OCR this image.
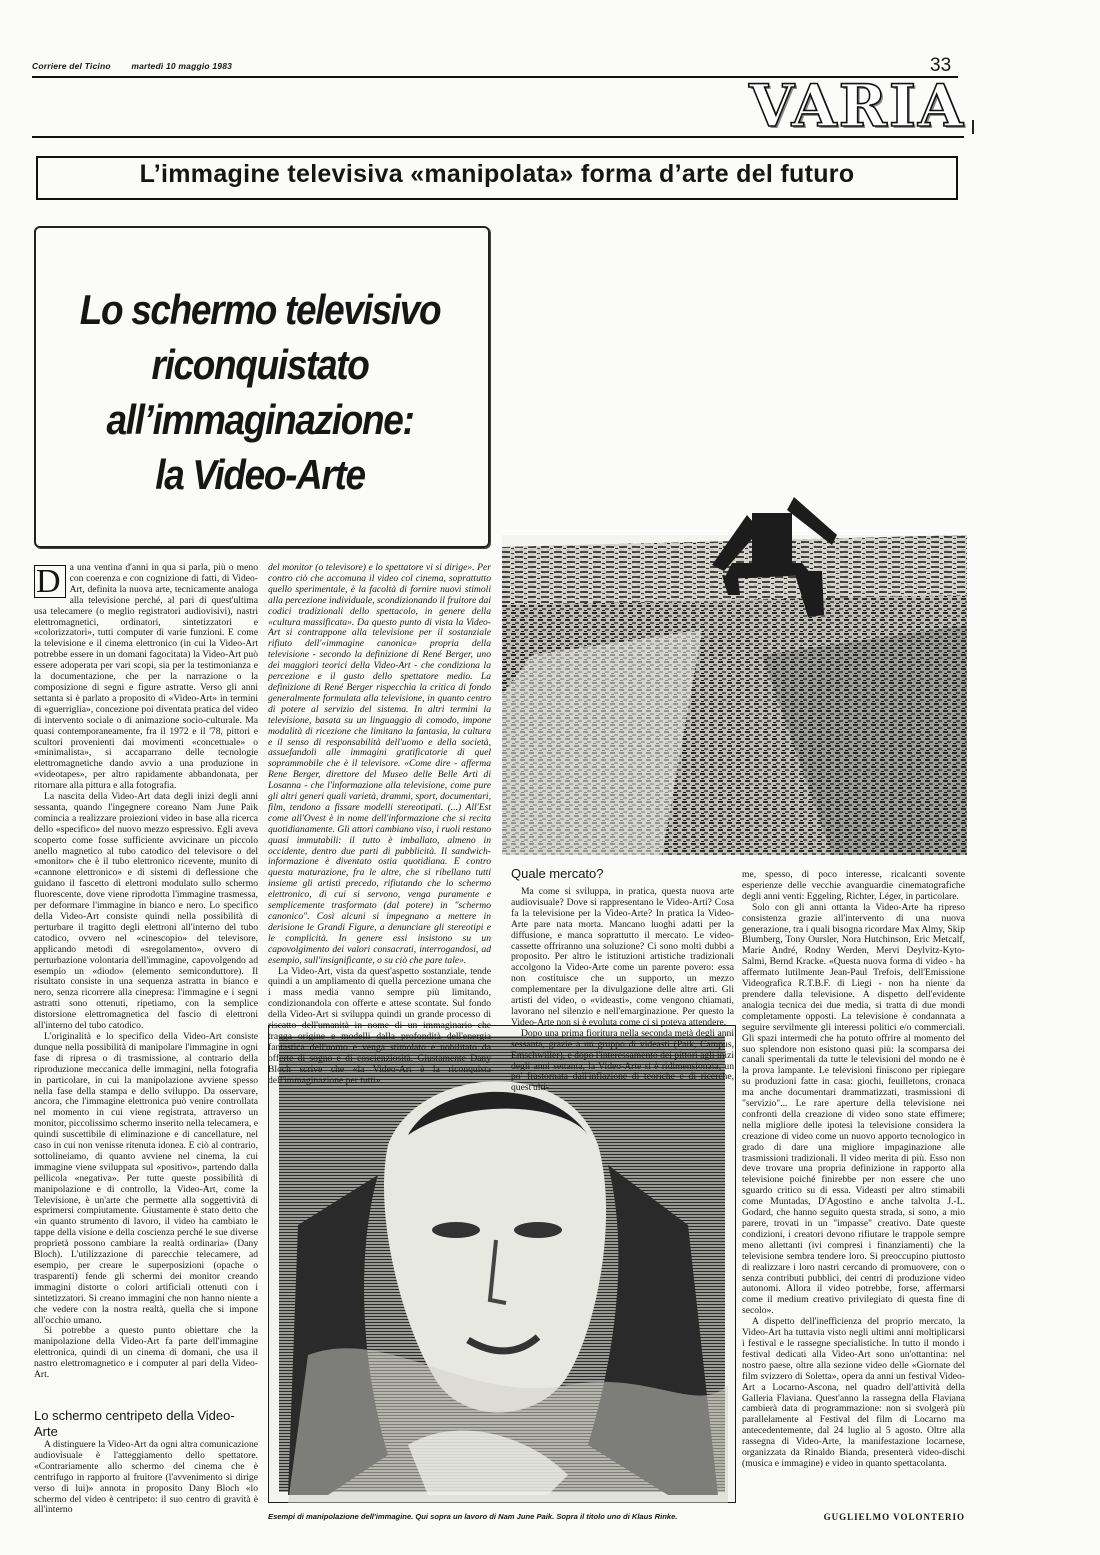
Corriere del Ticino martedì 10 maggio 1983	33
VARIA
L’immagine televisiva «manipolata» forma d’arte del futuro
Lo schermo televisivo
riconquistato
all’immaginazione:
la Video-Arte

D a una ventina d'anni in qua si parla, più o meno con coerenza e con cognizione di fatti, di Video-Art, definita la nuova arte, tecnicamente analoga alla televisione perché, al pari di quest'ultima usa telecamere (o meglio registratori audiovisivi), nastri elettromagnetici, ordinatori, sintetizzatori e «colorizzatori», tutti computer di varie funzioni. E come la televisione e il cinema elettronico (in cui la Video-Art potrebbe essere in un domani fagocitata) la Video-Art può essere adoperata per vari scopi, sia per la testimonianza e la documentazione, che per la narrazione o la composizione di segni e figure astratte. Verso gli anni settanta si è parlato a proposito di «Video-Art» in termini di «guerriglia», concezione poi diventata pratica del video di intervento sociale o di animazione socio-culturale. Ma quasi contemporaneamente, fra il 1972 e il '78, pittori e scultori provenienti dai movimenti «concettuale» o «minimalista», si accaparrano delle tecnologie elettromagnetiche dando avvio a una produzione in «videotapes», per altro rapidamente abbandonata, per ritornare alla pittura e alla fotografia.

La nascita della Video-Art data degli inizi degli anni sessanta, quando l'ingegnere coreano Nam June Paik comincia a realizzare proiezioni video in base alla ricerca dello «specifico» del nuovo mezzo espressivo. Egli aveva scoperto come fosse sufficiente avvicinare un piccolo anello magnetico al tubo catodico del televisore o del «monitor» che è il tubo elettronico ricevente, munito di «cannone elettronico» e di sistemi di deflessione che guidano il fascetto di elettroni modulato sullo schermo fluorescente, dove viene riprodotta l'immagine trasmessa, per deformare l'immagine in bianco e nero. Lo specifico della Video-Art consiste quindi nella possibilità di perturbare il tragitto degli elettroni all'interno del tubo catodico, ovvero nel «cinescopio» del televisore, applicando metodi di «sregolamento», ovvero di perturbazione volontaria dell'immagine, capovolgendo ad esempio un «diodo» (elemento semiconduttore). Il risultato consiste in una sequenza astratta in bianco e nero, senza ricorrere alla cinepresa: l'immagine e i segni astratti sono ottenuti, ripetiamo, con la semplice distorsione elettromagnetica del fascio di elettroni all'interno del tubo catodico.

L'originalità e lo specifico della Video-Art consiste dunque nella possibilità di manipolare l'immagine in ogni fase di ripresa o di trasmissione, al contrario della riproduzione meccanica delle immagini, nella fotografia in particolare, in cui la manipolazione avviene spesso nella fase della stampa e dello sviluppo. Da osservare, ancora, che l'immagine elettronica può venire controllata nel momento in cui viene registrata, attraverso un monitor, piccolissimo schermo inserito nella telecamera, e quindi suscettibile di eliminazione e di cancellature, nel caso in cui non venisse ritenuta idonea. E ciò al contrario, sottolineiamo, di quanto avviene nel cinema, la cui immagine viene sviluppata sul «positivo», partendo dalla pellicola «negativa». Per tutte queste possibilità di manipolazione e di controllo, la Video-Art, come la Televisione, è un'arte che permette alla soggettività di esprimersi compiutamente. Giustamente è stato detto che «in quanto strumento di lavoro, il video ha cambiato le tappe della visione e della coscienza perché le sue diverse proprietà possono cambiare la realtà ordinaria» (Dany Bloch). L'utilizzazione di parecchie telecamere, ad esempio, per creare le superposizioni (opache o trasparenti) fende gli schermi dei monitor creando immagini distorte o colori artificiali ottenuti con i sintetizzatori. Si creano immagini che non hanno niente a che vedere con la nostra realtà, quella che si impone all'occhio umano.

Si potrebbe a questo punto obiettare che la manipolazione della Video-Art fa parte dell'immagine elettronica, quindi di un cinema di domani, che usa il nastro elettromagnetico e i computer al pari della Video-Art.

Lo schermo centripeto della Video-Arte

A distinguere la Video-Art da ogni altra comunicazione audiovisuale è l'atteggiamento dello spettatore. «Contrariamente allo schermo del cinema che è centrifugo in rapporto al fruitore (l'avvenimento si dirige verso di lui)» annota in proposito Dany Bloch «lo schermo del video è centripeto: il suo centro di gravità è all'interno

del monitor (o televisore) e lo spettatore vi si dirige». Per contro ciò che accomuna il video col cinema, soprattutto quello sperimentale, è la facoltà di fornire nuovi stimoli alla percezione individuale, scondizionando il fruitore dai codici tradizionali dello spettacolo, in genere della «cultura massificata». Da questo punto di vista la Video-Art si contrappone alla televisione per il sostanziale rifiuto dell'«immagine canonica» propria della televisione - secondo la definizione di René Berger, uno dei maggiori teorici della Video-Art - che condiziona la percezione e il gusto dello spettatore medio. La definizione di René Berger rispecchia la critica di fondo generalmente formulata alla televisione, in quanto centro di potere al servizio del sistema. In altri termini la televisione, basata su un linguaggio di comodo, impone modalità di ricezione che limitano la fantasia, la cultura e il senso di responsabilità dell'uomo e della società, assuefandoli alle immagini gratificatorie di quel soprammobile che è il televisore. «Come dire - afferma Rene Berger, direttore del Museo delle Belle Arti di Losanna - che l'informazione alla televisione, come pure gli altri generi quali varietà, drammi, sport, documentari, film, tendono a fissare modelli stereotipati. (...) All'Est come all'Ovest è in nome dell'informazione che si recita quotidianamente. Gli attori cambiano viso, i ruoli restano quasi immutabili: il tutto è imballato, almeno in occidente, dentro due parti di pubblicità. Il sandwich-informazione è diventato ostia quotidiana. E contro questa maturazione, fra le altre, che si ribellano tutti insieme gli artisti precedo, rifiutando che lo schermo elettronico, di cui si servono, venga puramente e semplicemente trasformato (dal potere) in "schermo canonico". Così alcuni si impegnano a mettere in derisione le Grandi Figure, a denunciare gli stereotipi e le complicità. In genere essi insistono su un capovolgimento dei valori consacrati, interrogandosi, ad esempio, sull'insignificante, o su ciò che pare tale».

La Video-Art, vista da quest'aspetto sostanziale, tende quindi a un ampliamento di quella percezione umana che i mass media vanno sempre più limitando, condizionandola con offerte e attese scontate. Sul fondo della Video-Art si sviluppa quindi un grande processo di riscatto dell'umanità in nome di un immaginario che tragga origine e modelli dalla profondità dell'energia fantastica dell'uomo e venga stimolato e nobilitato da offerte di sogno e di coscienziosità. Giustamente Dany Bloch scrive che «la Video-Art è la riconquista dell'immaginazione per tutti».

Quale mercato?

Ma come si sviluppa, in pratica, questa nuova arte audiovisuale? Dove si rappresentano le Video-Arti? Cosa fa la televisione per la Video-Arte? In pratica la Video-Arte pare nata morta. Mancano luoghi adatti per la diffusione, e manca soprattutto il mercato. Le video-cassette offriranno una soluzione? Ci sono molti dubbi a proposito. Per altro le istituzioni artistiche tradizionali accolgono la Video-Arte come un parente povero: essa non costituisce che un supporto, un mezzo complementare per la divulgazione delle altre arti. Gli artisti del video, o «videasti», come vengono chiamati, lavorano nel silenzio e nell'emarginazione. Per questo la Video-Arte non si è evoluta come ci si poteva attendere.

Dopo una prima fioritura nella seconda metà degli anni sessanta, grazie a un gruppo di videasti (Paik, Campus, Emschwiller), e dopo l'interessamento dei pittori agli inizi degli anni settanta, la Video-Arte si è ridimensionata, un po' frastornata dall'inflazione di teoriche e di ricerche, quest'ulti-

me, spesso, di poco interesse, ricalcanti sovente esperienze delle vecchie avanguardie cinematografiche degli anni venti: Eggeling, Richter, Léger, in particolare.

Solo con gli anni ottanta la Video-Arte ha ripreso consistenza grazie all'intervento di una nuova generazione, tra i quali bisogna ricordare Max Almy, Skip Blumberg, Tony Oursler, Nora Hutchinson, Eric Metcalf, Marie André, Rodny Werden, Mervi Deylvitz-Kyto-Salmi, Bernd Kracke. «Questa nuova forma di video - ha affermato lutilmente Jean-Paul Trefois, dell'Emissione Videografica R.T.B.F. di Liegi - non ha niente da prendere dalla televisione. A dispetto dell'evidente analogia tecnica dei due media, si tratta di due mondi completamente opposti. La televisione è condannata a seguire servilmente gli interessi politici e/o commerciali. Gli spazi intermedi che ha potuto offrire al momento del suo splendore non esistono quasi più: la scomparsa dei canali sperimentali da tutte le televisioni del mondo ne è la prova lampante. Le televisioni finiscono per ripiegare su produzioni fatte in casa: giochi, feuilletons, cronaca ma anche documentari drammatizzati, trasmissioni di "servizio"... Le rare aperture della televisione nei confronti della creazione di video sono state effimere; nella migliore delle ipotesi la televisione considera la creazione di video come un nuovo apporto tecnologico in grado di dare una migliore impaginazione alle trasmissioni tradizionali. Il video merita di più. Esso non deve trovare una propria definizione in rapporto alla televisione poiché finirebbe per non essere che uno sguardo critico su di essa. Videasti per altro stimabili come Muntadas, D'Agostino e anche talvolta J.-L. Godard, che hanno seguito questa strada, si sono, a mio parere, trovati in un "impasse" creativo. Date queste condizioni, i creatori devono rifiutare le trappole sempre meno allettanti (ivi compresi i finanziamenti) che la televisione sembra tendere loro. Si preoccupino piuttosto di realizzare i loro nastri cercando di promuovere, con o senza contributi pubblici, dei centri di produzione video autonomi. Allora il video potrebbe, forse, affermarsi come il medium creativo privilegiato di questa fine di secolo».

A dispetto dell'inefficienza del proprio mercato, la Video-Art ha tuttavia visto negli ultimi anni moltiplicarsi i festival e le rassegne specialistiche. In tutto il mondo i festival dedicati alla Video-Art sono un'ottantina: nel nostro paese, oltre alla sezione video delle «Giornate del film svizzero di Soletta», opera da anni un festival Video-Art a Locarno-Ascona, nel quadro dell'attività della Galleria Flaviana. Quest'anno la rassegna della Flaviana cambierà data di programmazione: non si svolgerà più parallelamente al Festival del film di Locarno ma antecedentemente, dal 24 luglio al 5 agosto. Oltre alla rassegna di Video-Arte, la manifestazione locarnese, organizzata da Rinaldo Bianda, presenterà video-dischi (musica e immagine) e video in quanto spettacolanta.

Esempi di manipolazione dell'immagine. Qui sopra un lavoro di Nam June Paik. Sopra il titolo uno di Klaus Rinke.	GUGLIELMO VOLONTERIO
